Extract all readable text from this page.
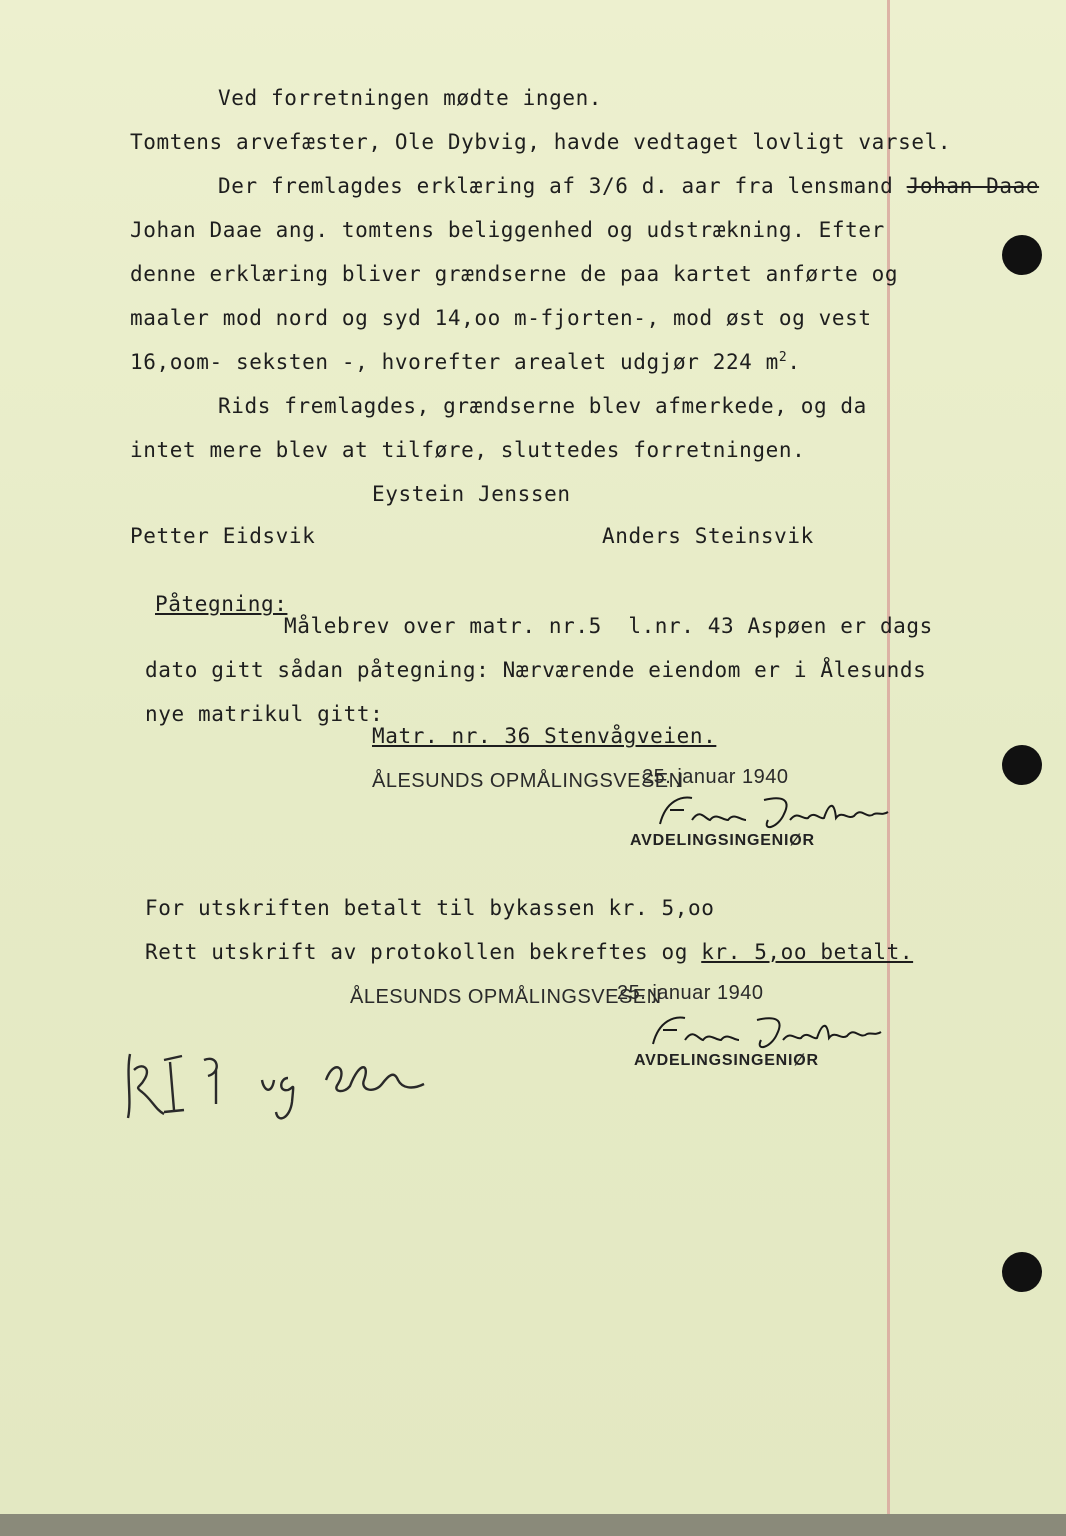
Ved forretningen mødte ingen.
Tomtens arvefæster, Ole Dybvig, havde vedtaget lovligt varsel.
Der fremlagdes erklæring af 3/6 d. aar fra lensmand Johan Daae
Johan Daae ang. tomtens beliggenhed og udstrækning. Efter
denne erklæring bliver grændserne de paa kartet anførte og
maaler mod nord og syd 14,oo m-fjorten-, mod øst og vest
16,oom- seksten -, hvorefter arealet udgjør 224 $m^2$.
Rids fremlagdes, grændserne blev afmerkede, og da
intet mere blev at tilføre, sluttedes forretningen.
Eystein Jenssen
Petter Eidsvik	Anders Steinsvik
Påtegning:
Målebrev over matr. nr.5  l.nr. 43 Aspøen er dags
dato gitt sådan påtegning: Nærværende eiendom er i Ålesunds
nye matrikul gitt:
Matr. nr. 36 Stenvågveien.
ÅLESUNDS OPMÅLINGSVESEN
25. januar 1940
AVDELINGSINGENIØR
For utskriften betalt til bykassen kr. 5,oo
Rett utskrift av protokollen bekreftes og kr. 5,oo betalt.
ÅLESUNDS OPMÅLINGSVESEN
25. januar 1940
AVDELINGSINGENIØR
